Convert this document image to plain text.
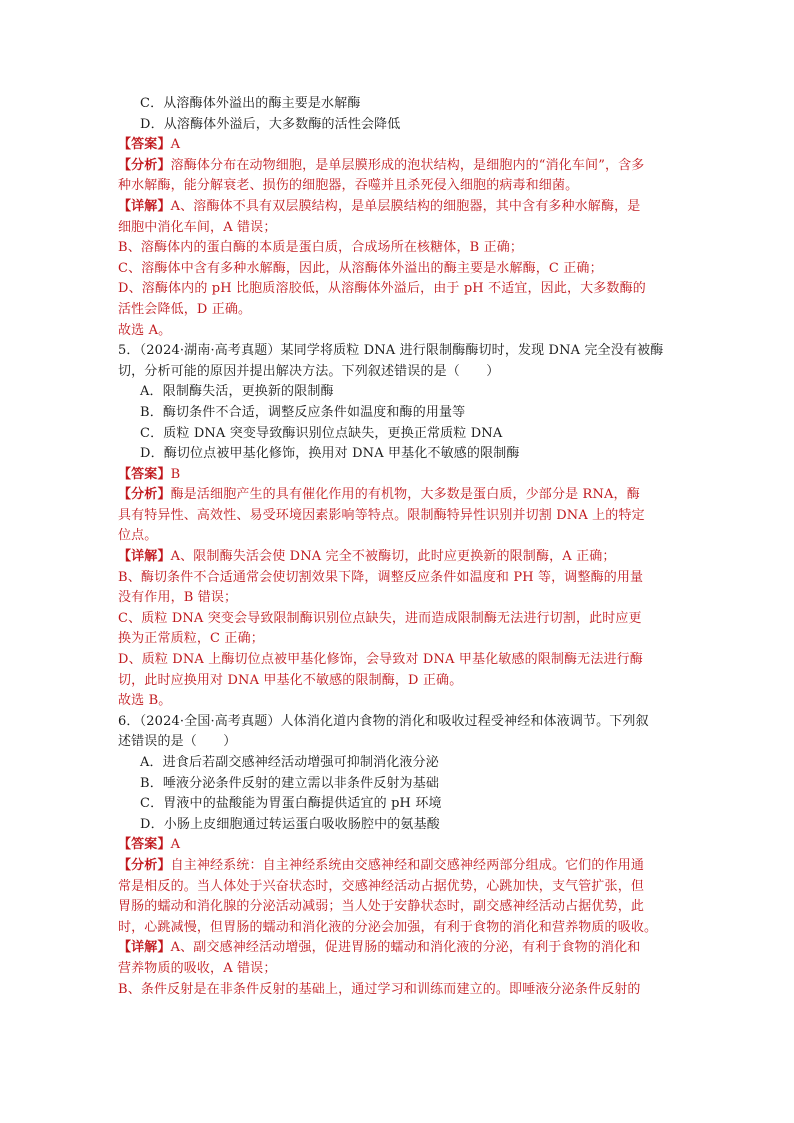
C．从溶酶体外溢出的酶主要是水解酶
D．从溶酶体外溢后，大多数酶的活性会降低
【答案】A
【分析】溶酶体分布在动物细胞，是单层膜形成的泡状结构，是细胞内的“消化车间”，含多
种水解酶，能分解衰老、损伤的细胞器，吞噬并且杀死侵入细胞的病毒和细菌。
【详解】A、溶酶体不具有双层膜结构，是单层膜结构的细胞器，其中含有多种水解酶，是
细胞中消化车间，A 错误；
B、溶酶体内的蛋白酶的本质是蛋白质，合成场所在核糖体，B 正确；
C、溶酶体中含有多种水解酶，因此，从溶酶体外溢出的酶主要是水解酶，C 正确；
D、溶酶体内的 pH 比胞质溶胶低，从溶酶体外溢后，由于 pH 不适宜，因此，大多数酶的
活性会降低，D 正确。
故选 A。
5．（2024·湖南·高考真题）某同学将质粒 DNA 进行限制酶酶切时，发现 DNA 完全没有被酶
切，分析可能的原因并提出解决方法。下列叙述错误的是（　　）
A．限制酶失活，更换新的限制酶
B．酶切条件不合适，调整反应条件如温度和酶的用量等
C．质粒 DNA 突变导致酶识别位点缺失，更换正常质粒 DNA
D．酶切位点被甲基化修饰，换用对 DNA 甲基化不敏感的限制酶
【答案】B
【分析】酶是活细胞产生的具有催化作用的有机物，大多数是蛋白质，少部分是 RNA，酶
具有特异性、高效性、易受环境因素影响等特点。限制酶特异性识别并切割 DNA 上的特定
位点。
【详解】A、限制酶失活会使 DNA 完全不被酶切，此时应更换新的限制酶，A 正确；
B、酶切条件不合适通常会使切割效果下降，调整反应条件如温度和 PH 等，调整酶的用量
没有作用，B 错误；
C、质粒 DNA 突变会导致限制酶识别位点缺失，进而造成限制酶无法进行切割，此时应更
换为正常质粒，C 正确；
D、质粒 DNA 上酶切位点被甲基化修饰，会导致对 DNA 甲基化敏感的限制酶无法进行酶
切，此时应换用对 DNA 甲基化不敏感的限制酶，D 正确。
故选 B。
6．（2024·全国·高考真题）人体消化道内食物的消化和吸收过程受神经和体液调节。下列叙
述错误的是（　　）
A．进食后若副交感神经活动增强可抑制消化液分泌
B．唾液分泌条件反射的建立需以非条件反射为基础
C．胃液中的盐酸能为胃蛋白酶提供适宜的 pH 环境
D．小肠上皮细胞通过转运蛋白吸收肠腔中的氨基酸
【答案】A
【分析】自主神经系统：自主神经系统由交感神经和副交感神经两部分组成。它们的作用通
常是相反的。当人体处于兴奋状态时，交感神经活动占据优势，心跳加快，支气管扩张，但
胃肠的蠕动和消化腺的分泌活动减弱；当人处于安静状态时，副交感神经活动占据优势，此
时，心跳减慢，但胃肠的蠕动和消化液的分泌会加强，有利于食物的消化和营养物质的吸收。
【详解】A、副交感神经活动增强，促进胃肠的蠕动和消化液的分泌，有利于食物的消化和
营养物质的吸收，A 错误；
B、条件反射是在非条件反射的基础上，通过学习和训练而建立的。即唾液分泌条件反射的
